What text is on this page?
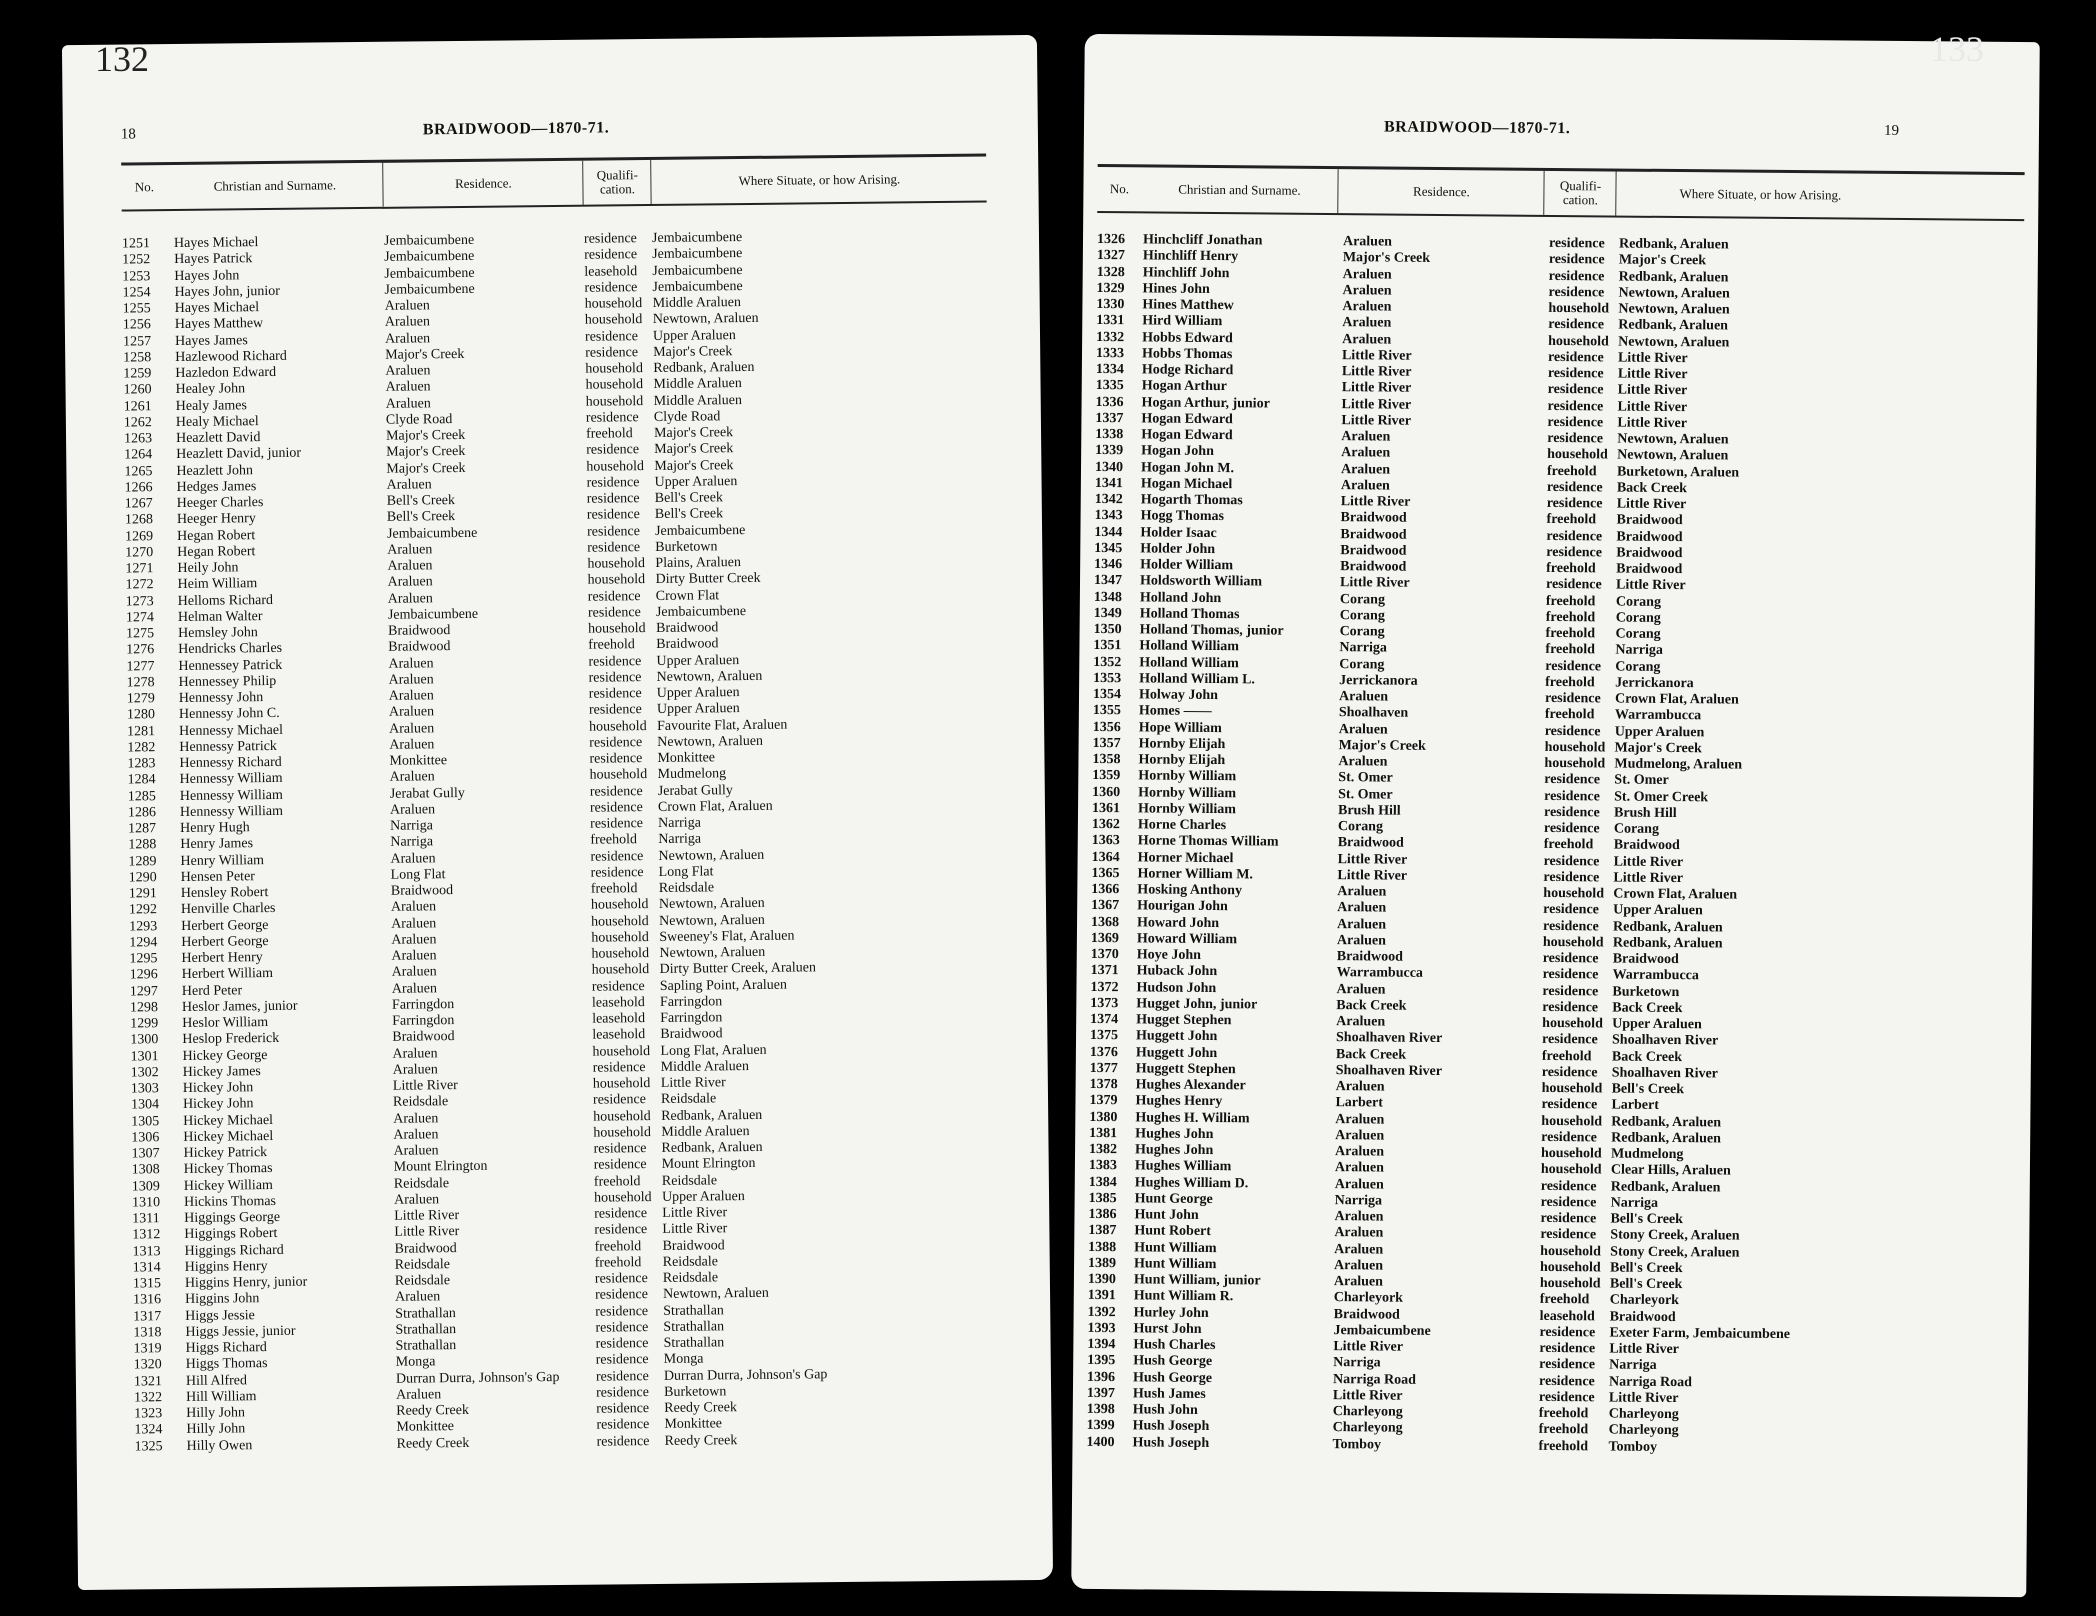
18	BRAIDWOOD—1870-71.
No.	Christian and Surname.	Residence.
Qualifi-cation.
Where Situate, or how Arising.
1251 Hayes Michael	Jembaicumbene	residence Jembaicumbene
1252 Hayes Patrick	Jembaicumbene	residence Jembaicumbene
1253 Hayes John	Jembaicumbene	leasehold Jembaicumbene
1254 Hayes John, junior	Jembaicumbene	residence Jembaicumbene
1255 Hayes Michael	Araluen	household Middle Araluen
1256 Hayes Matthew	Araluen	household Newtown, Araluen
1257 Hayes James	Araluen	residence Upper Araluen
1258 Hazlewood Richard	Major's Creek	residence Major's Creek
1259 Hazledon Edward	Araluen	household Redbank, Araluen
1260 Healey John	Araluen	household Middle Araluen
1261 Healy James	Araluen	household Middle Araluen
1262 Healy Michael	Clyde Road	residence Clyde Road
1263 Heazlett David	Major's Creek	freehold Major's Creek
1264 Heazlett David, junior	Major's Creek	residence Major's Creek
1265 Heazlett John	Major's Creek	household Major's Creek
1266 Hedges James	Araluen	residence Upper Araluen
1267 Heeger Charles	Bell's Creek	residence Bell's Creek
1268 Heeger Henry	Bell's Creek	residence Bell's Creek
1269 Hegan Robert	Jembaicumbene	residence Jembaicumbene
1270 Hegan Robert	Araluen	residence Burketown
1271 Heily John	Araluen	household Plains, Araluen
1272 Heim William	Araluen	household Dirty Butter Creek
1273 Helloms Richard	Araluen	residence Crown Flat
1274 Helman Walter	Jembaicumbene	residence Jembaicumbene
1275 Hemsley John	Braidwood	household Braidwood
1276 Hendricks Charles	Braidwood	freehold Braidwood
1277 Hennessey Patrick	Araluen	residence Upper Araluen
1278 Hennessey Philip	Araluen	residence Newtown, Araluen
1279 Hennessy John	Araluen	residence Upper Araluen
1280 Hennessy John C.	Araluen	residence Upper Araluen
1281 Hennessy Michael	Araluen	household Favourite Flat, Araluen
1282 Hennessy Patrick	Araluen	residence Newtown, Araluen
1283 Hennessy Richard	Monkittee	residence Monkittee
1284 Hennessy William	Araluen	household Mudmelong
1285 Hennessy William	Jerabat Gully	residence Jerabat Gully
1286 Hennessy William	Araluen	residence Crown Flat, Araluen
1287 Henry Hugh	Narriga	residence Narriga
1288 Henry James	Narriga	freehold Narriga
1289 Henry William	Araluen	residence Newtown, Araluen
1290 Hensen Peter	Long Flat	residence Long Flat
1291 Hensley Robert	Braidwood	freehold Reidsdale
1292 Henville Charles	Araluen	household Newtown, Araluen
1293 Herbert George	Araluen	household Newtown, Araluen
1294 Herbert George	Araluen	household Sweeney's Flat, Araluen
1295 Herbert Henry	Araluen	household Newtown, Araluen
1296 Herbert William	Araluen	household Dirty Butter Creek, Araluen
1297 Herd Peter	Araluen	residence Sapling Point, Araluen
1298 Heslor James, junior	Farringdon	leasehold Farringdon
1299 Heslor William	Farringdon	leasehold Farringdon
1300 Heslop Frederick	Braidwood	leasehold Braidwood
1301 Hickey George	Araluen	household Long Flat, Araluen
1302 Hickey James	Araluen	residence Middle Araluen
1303 Hickey John	Little River	household Little River
1304 Hickey John	Reidsdale	residence Reidsdale
1305 Hickey Michael	Araluen	household Redbank, Araluen
1306 Hickey Michael	Araluen	household Middle Araluen
1307 Hickey Patrick	Araluen	residence Redbank, Araluen
1308 Hickey Thomas	Mount Elrington	residence Mount Elrington
1309 Hickey William	Reidsdale	freehold Reidsdale
1310 Hickins Thomas	Araluen	household Upper Araluen
1311 Higgings George	Little River	residence Little River
1312 Higgings Robert	Little River	residence Little River
1313 Higgings Richard	Braidwood	freehold Braidwood
1314 Higgins Henry	Reidsdale	freehold Reidsdale
1315 Higgins Henry, junior	Reidsdale	residence Reidsdale
1316 Higgins John	Araluen	residence Newtown, Araluen
1317 Higgs Jessie	Strathallan	residence Strathallan
1318 Higgs Jessie, junior	Strathallan	residence Strathallan
1319 Higgs Richard	Strathallan	residence Strathallan
1320 Higgs Thomas	Monga	residence Monga
1321 Hill Alfred	Durran Durra, Johnson's Gap	residence Durran Durra, Johnson's Gap
1322 Hill William	Araluen	residence Burketown
1323 Hilly John	Reedy Creek	residence Reedy Creek
1324 Hilly John	Monkittee	residence Monkittee
1325 Hilly Owen	Reedy Creek	residence Reedy Creek
132
BRAIDWOOD—1870-71.	19
No.	Christian and Surname.	Residence.	Qualifi-cation.	Where Situate, or how Arising.
1326 Hinchcliff Jonathan	Araluen	residence Redbank, Araluen
1327 Hinchliff Henry	Major's Creek	residence Major's Creek
1328 Hinchliff John	Araluen	residence Redbank, Araluen
1329 Hines John	Araluen	residence Newtown, Araluen
1330 Hines Matthew	Araluen	household Newtown, Araluen
1331 Hird William	Araluen	residence Redbank, Araluen
1332 Hobbs Edward	Araluen	household Newtown, Araluen
1333 Hobbs Thomas	Little River	residence Little River
1334 Hodge Richard	Little River	residence Little River
1335 Hogan Arthur	Little River	residence Little River
1336 Hogan Arthur, junior	Little River	residence Little River
1337 Hogan Edward	Little River	residence Little River
1338 Hogan Edward	Araluen	residence Newtown, Araluen
1339 Hogan John	Araluen	household Newtown, Araluen
1340 Hogan John M.	Araluen	freehold Burketown, Araluen
1341 Hogan Michael	Araluen	residence Back Creek
1342 Hogarth Thomas	Little River	residence Little River
1343 Hogg Thomas	Braidwood	freehold Braidwood
1344 Holder Isaac	Braidwood	residence Braidwood
1345 Holder John	Braidwood	residence Braidwood
1346 Holder William	Braidwood	freehold Braidwood
1347 Holdsworth William	Little River	residence Little River
1348 Holland John	Corang	freehold Corang
1349 Holland Thomas	Corang	freehold Corang
1350 Holland Thomas, junior	Corang	freehold Corang
1351 Holland William	Narriga	freehold Narriga
1352 Holland William	Corang	residence Corang
1353 Holland William L.	Jerrickanora	freehold Jerrickanora
1354 Holway John	Araluen	residence Crown Flat, Araluen
1355 Homes ——	Shoalhaven	freehold Warrambucca
1356 Hope William	Araluen	residence Upper Araluen
1357 Hornby Elijah	Major's Creek	household Major's Creek
1358 Hornby Elijah	Araluen	household Mudmelong, Araluen
1359 Hornby William	St. Omer	residence St. Omer
1360 Hornby William	St. Omer	residence St. Omer Creek
1361 Hornby William	Brush Hill	residence Brush Hill
1362 Horne Charles	Corang	residence Corang
1363 Horne Thomas William	Braidwood	freehold Braidwood
1364 Horner Michael	Little River	residence Little River
1365 Horner William M.	Little River	residence Little River
1366 Hosking Anthony	Araluen	household Crown Flat, Araluen
1367 Hourigan John	Araluen	residence Upper Araluen
1368 Howard John	Araluen	residence Redbank, Araluen
1369 Howard William	Araluen	household Redbank, Araluen
1370 Hoye John	Braidwood	residence Braidwood
1371 Huback John	Warrambucca	residence Warrambucca
1372 Hudson John	Araluen	residence Burketown
1373 Hugget John, junior	Back Creek	residence Back Creek
1374 Hugget Stephen	Araluen	household Upper Araluen
1375 Huggett John	Shoalhaven River	residence Shoalhaven River
1376 Huggett John	Back Creek	freehold Back Creek
1377 Huggett Stephen	Shoalhaven River	residence Shoalhaven River
1378 Hughes Alexander	Araluen	household Bell's Creek
1379 Hughes Henry	Larbert	residence Larbert
1380 Hughes H. William	Araluen	household Redbank, Araluen
1381 Hughes John	Araluen	residence Redbank, Araluen
1382 Hughes John	Araluen	household Mudmelong
1383 Hughes William	Araluen	household Clear Hills, Araluen
1384 Hughes William D.	Araluen	residence Redbank, Araluen
1385 Hunt George	Narriga	residence Narriga
1386 Hunt John	Araluen	residence Bell's Creek
1387 Hunt Robert	Araluen	residence Stony Creek, Araluen
1388 Hunt William	Araluen	household Stony Creek, Araluen
1389 Hunt William	Araluen	household Bell's Creek
1390 Hunt William, junior	Araluen	household Bell's Creek
1391 Hunt William R.	Charleyork	freehold Charleyork
1392 Hurley John	Braidwood	leasehold Braidwood
1393 Hurst John	Jembaicumbene	residence Exeter Farm, Jembaicumbene
1394 Hush Charles	Little River	residence Little River
1395 Hush George	Narriga	residence Narriga
1396 Hush George	Narriga Road	residence Narriga Road
1397 Hush James	Little River	residence Little River
1398 Hush John	Charleyong	freehold Charleyong
1399 Hush Joseph	Charleyong	freehold Charleyong
1400 Hush Joseph	Tomboy	freehold Tomboy
133
